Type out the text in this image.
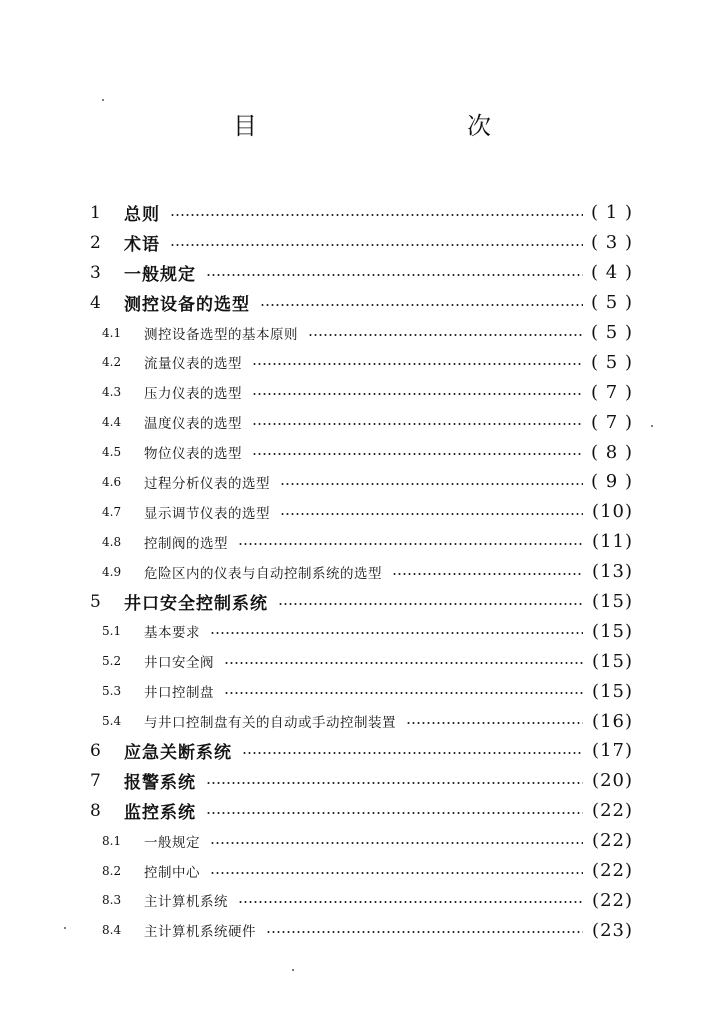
目　　次
1	总则	( 1 )
2	术语	( 3 )
3	一般规定	( 4 )
4	测控设备的选型	( 5 )
4.1	测控设备选型的基本原则	( 5 )
4.2	流量仪表的选型	( 5 )
4.3	压力仪表的选型	( 7 )
4.4	温度仪表的选型	( 7 )
4.5	物位仪表的选型	( 8 )
4.6	过程分析仪表的选型	( 9 )
4.7	显示调节仪表的选型	(10)
4.8	控制阀的选型	(11)
4.9	危险区内的仪表与自动控制系统的选型	(13)
5	井口安全控制系统	(15)
5.1	基本要求	(15)
5.2	井口安全阀	(15)
5.3	井口控制盘	(15)
5.4	与井口控制盘有关的自动或手动控制装置	(16)
6	应急关断系统	(17)
7	报警系统	(20)
8	监控系统	(22)
8.1	一般规定	(22)
8.2	控制中心	(22)
8.3	主计算机系统	(22)
8.4	主计算机系统硬件	(23)
